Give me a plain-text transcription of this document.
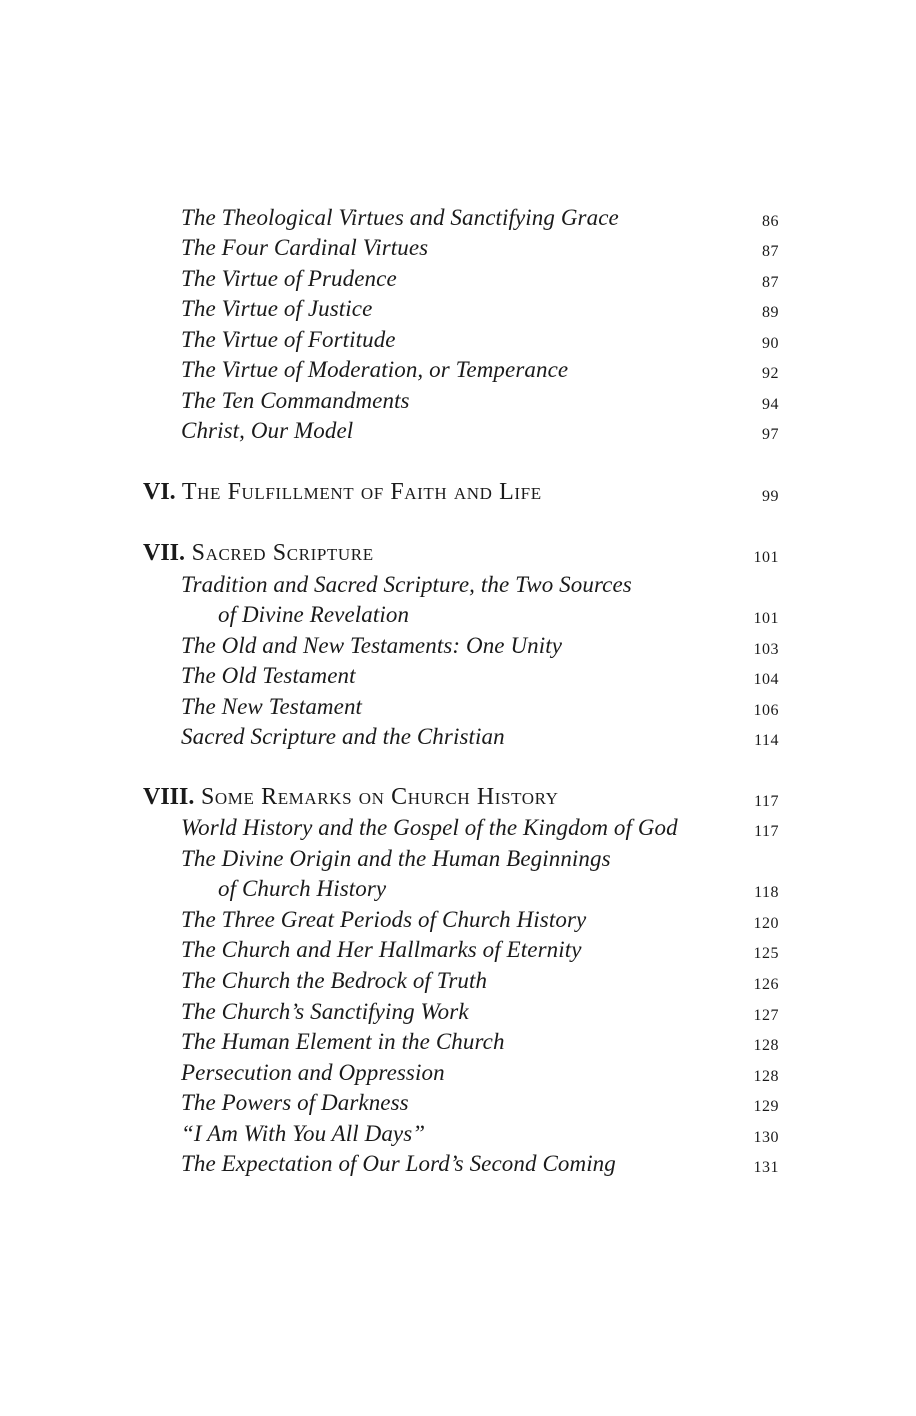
The Theological Virtues and Sanctifying Grace	86
The Four Cardinal Virtues	87
The Virtue of Prudence	87
The Virtue of Justice	89
The Virtue of Fortitude	90
The Virtue of Moderation, or Temperance	92
The Ten Commandments	94
Christ, Our Model	97
VI. The Fulfillment of Faith and Life	99
VII. Sacred Scripture	101
Tradition and Sacred Scripture, the Two Sources
of Divine Revelation	101
The Old and New Testaments: One Unity	103
The Old Testament	104
The New Testament	106
Sacred Scripture and the Christian	114
VIII. Some Remarks on Church History	117
World History and the Gospel of the Kingdom of God	117
The Divine Origin and the Human Beginnings
of Church History	118
The Three Great Periods of Church History	120
The Church and Her Hallmarks of Eternity	125
The Church the Bedrock of Truth	126
The Church’s Sanctifying Work	127
The Human Element in the Church	128
Persecution and Oppression	128
The Powers of Darkness	129
“I Am With You All Days”	130
The Expectation of Our Lord’s Second Coming	131
